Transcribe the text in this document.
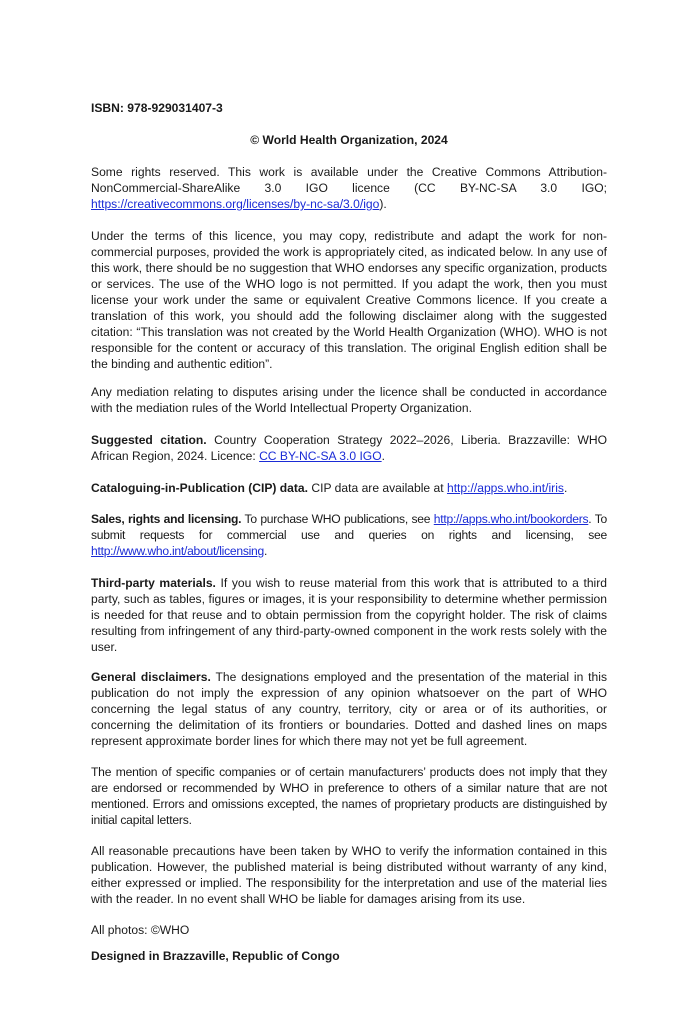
ISBN: 978-929031407-3

© World Health Organization, 2024

Some rights reserved. This work is available under the Creative Commons Attribution-NonCommercial-ShareAlike 3.0 IGO licence (CC BY-NC-SA 3.0 IGO; https://creativecommons.org/licenses/by-nc-sa/3.0/igo).

Under the terms of this licence, you may copy, redistribute and adapt the work for non-commercial purposes, provided the work is appropriately cited, as indicated below. In any use of this work, there should be no suggestion that WHO endorses any specific organization, products or services. The use of the WHO logo is not permitted. If you adapt the work, then you must license your work under the same or equivalent Creative Commons licence. If you create a translation of this work, you should add the following disclaimer along with the suggested citation: “This translation was not created by the World Health Organization (WHO). WHO is not responsible for the content or accuracy of this translation. The original English edition shall be the binding and authentic edition”.

Any mediation relating to disputes arising under the licence shall be conducted in accordance with the mediation rules of the World Intellectual Property Organization.

Suggested citation. Country Cooperation Strategy 2022–2026, Liberia. Brazzaville: WHO African Region, 2024. Licence: CC BY-NC-SA 3.0 IGO.

Cataloguing-in-Publication (CIP) data. CIP data are available at http://apps.who.int/iris.

Sales, rights and licensing. To purchase WHO publications, see http://apps.who.int/bookorders. To submit requests for commercial use and queries on rights and licensing, see http://www.who.int/about/licensing.

Third-party materials. If you wish to reuse material from this work that is attributed to a third party, such as tables, figures or images, it is your responsibility to determine whether permission is needed for that reuse and to obtain permission from the copyright holder. The risk of claims resulting from infringement of any third-party-owned component in the work rests solely with the user.

General disclaimers. The designations employed and the presentation of the material in this publication do not imply the expression of any opinion whatsoever on the part of WHO concerning the legal status of any country, territory, city or area or of its authorities, or concerning the delimitation of its frontiers or boundaries. Dotted and dashed lines on maps represent approximate border lines for which there may not yet be full agreement.

The mention of specific companies or of certain manufacturers’ products does not imply that they are endorsed or recommended by WHO in preference to others of a similar nature that are not mentioned. Errors and omissions excepted, the names of proprietary products are distinguished by initial capital letters.

All reasonable precautions have been taken by WHO to verify the information contained in this publication. However, the published material is being distributed without warranty of any kind, either expressed or implied. The responsibility for the interpretation and use of the material lies with the reader. In no event shall WHO be liable for damages arising from its use.

All photos: ©WHO

Designed in Brazzaville, Republic of Congo
